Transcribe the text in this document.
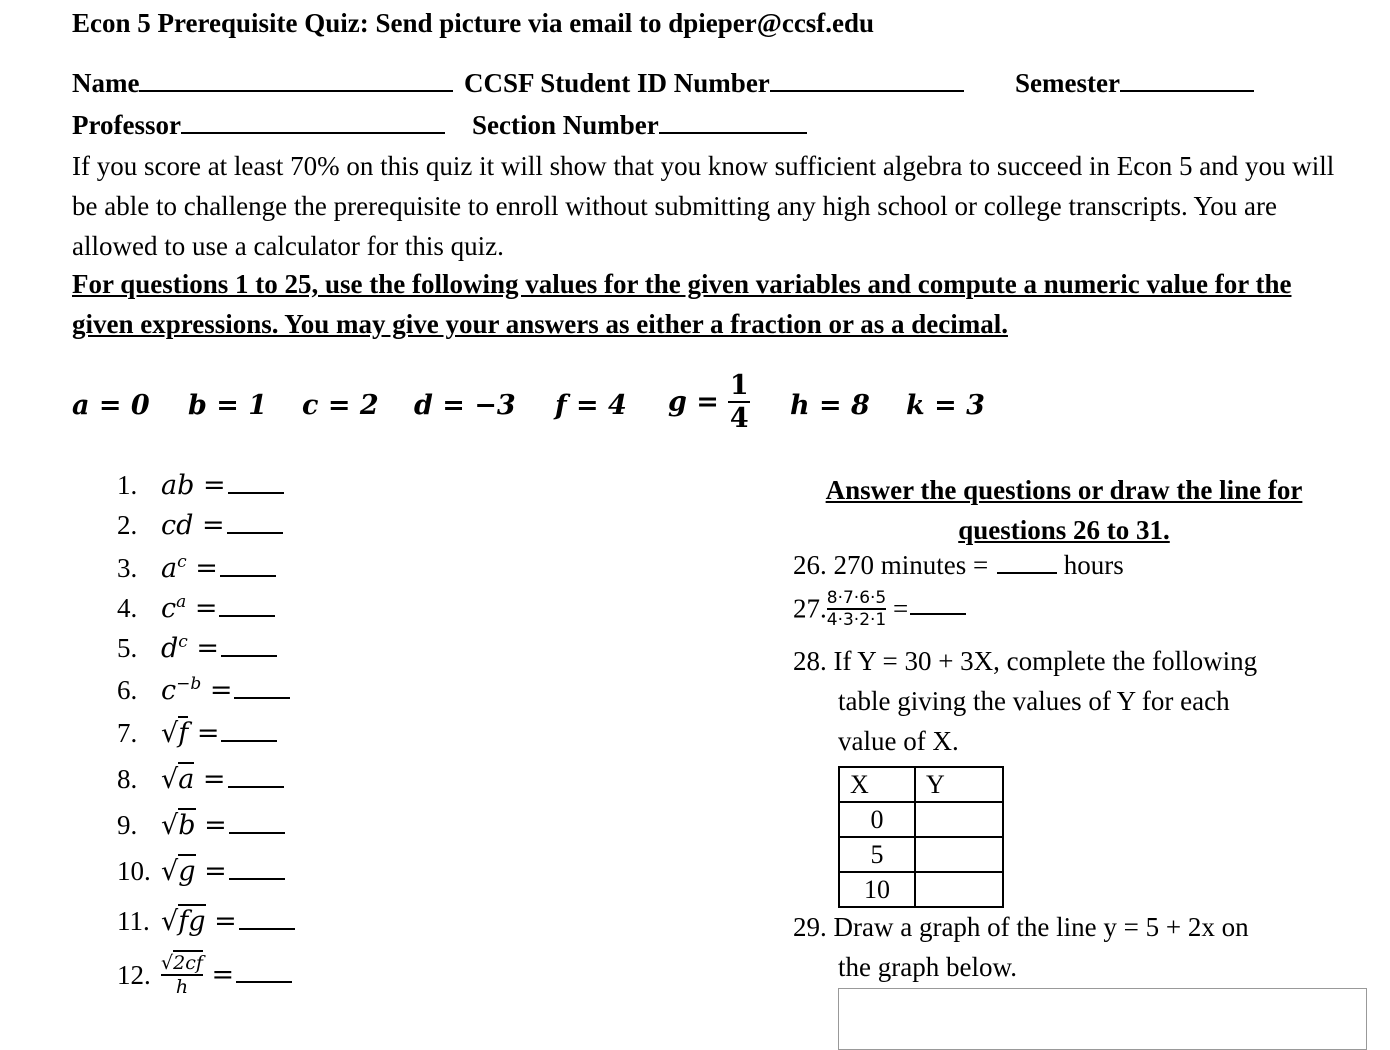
Econ 5 Prerequisite Quiz: Send picture via email to dpieper@ccsf.edu
Name	CCSF Student ID Number	Semester
Professor	Section Number
If you score at least 70% on this quiz it will show that you know sufficient algebra to succeed in Econ 5 and you will be able to challenge the prerequisite to enroll without submitting any high school or college transcripts. You are allowed to use a calculator for this quiz.
For questions 1 to 25, use the following values for the given variables and compute a numeric value for the given expressions. You may give your answers as either a fraction or as a decimal.
a = 0 b = 1 c = 2 d = −3 f = 4 $g = \frac{1}{4}$ h = 8 k = 3
1. ab =
2. cd =
3. $a^c$ =
4. $c^a$ =
5. $d^c$ =
6. $c^{-b}$ =
7. √f =
8. √a =
9. √b =
10. √g =
11. √fg =
12. $\frac{√2cf}{h}$ =
Answer the questions or draw the line for questions 26 to 31.
26. 270 minutes =	hours
27. $\frac{8\cdot 7\cdot 6\cdot 5}{4\cdot 3\cdot 2\cdot 1}$ =
28. If Y = 30 + 3X, complete the following
table giving the values of Y for each
value of X.
X	Y
0	
5	
10	
29. Draw a graph of the line y = 5 + 2x on
the graph below.
